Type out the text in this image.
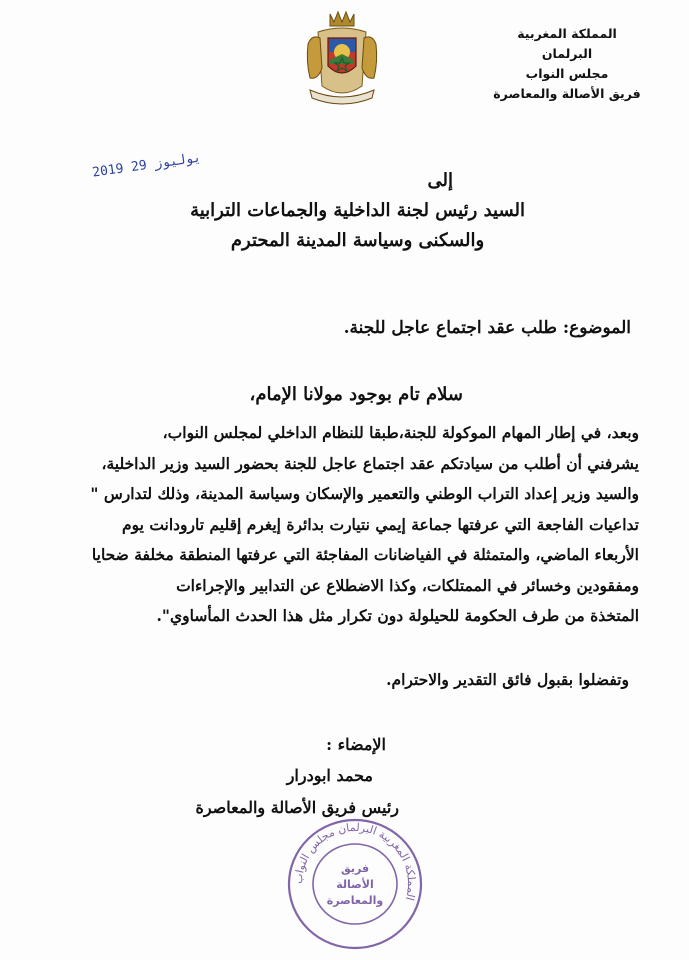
المملكة المغربية
البرلمان
مجلس النواب
فريق الأصالة والمعاصرة
2019 يوليوز 29
إلى
السيد رئيس لجنة الداخلية والجماعات الترابية
والسكنى وسياسة المدينة المحترم
الموضوع: طلب عقد اجتماع عاجل للجنة.
سلام تام بوجود مولانا الإمام،
وبعد، في إطار المهام الموكولة للجنة،طبقا للنظام الداخلي لمجلس النواب،
يشرفني أن أطلب من سيادتكم عقد اجتماع عاجل للجنة بحضور السيد وزير الداخلية،
والسيد وزير إعداد التراب الوطني والتعمير والإسكان وسياسة المدينة، وذلك لتدارس "
تداعيات الفاجعة التي عرفتها جماعة إيمي نتيارت بدائرة إيغرم إقليم تارودانت يوم
الأربعاء الماضي، والمتمثلة في الفياضانات المفاجئة التي عرفتها المنطقة مخلفة ضحايا
ومفقودين وخسائر في الممتلكات، وكذا الاضطلاع عن التدابير والإجراءات
المتخذة من طرف الحكومة للحيلولة دون تكرار مثل هذا الحدث المأساوي".
وتفضلوا بقبول فائق التقدير والاحترام.
الإمضاء :
محمد ابودرار
رئيس فريق الأصالة والمعاصرة
المملكة المغربية البرلمان مجلس النواب
فريق
الأصالة
والمعاصرة
